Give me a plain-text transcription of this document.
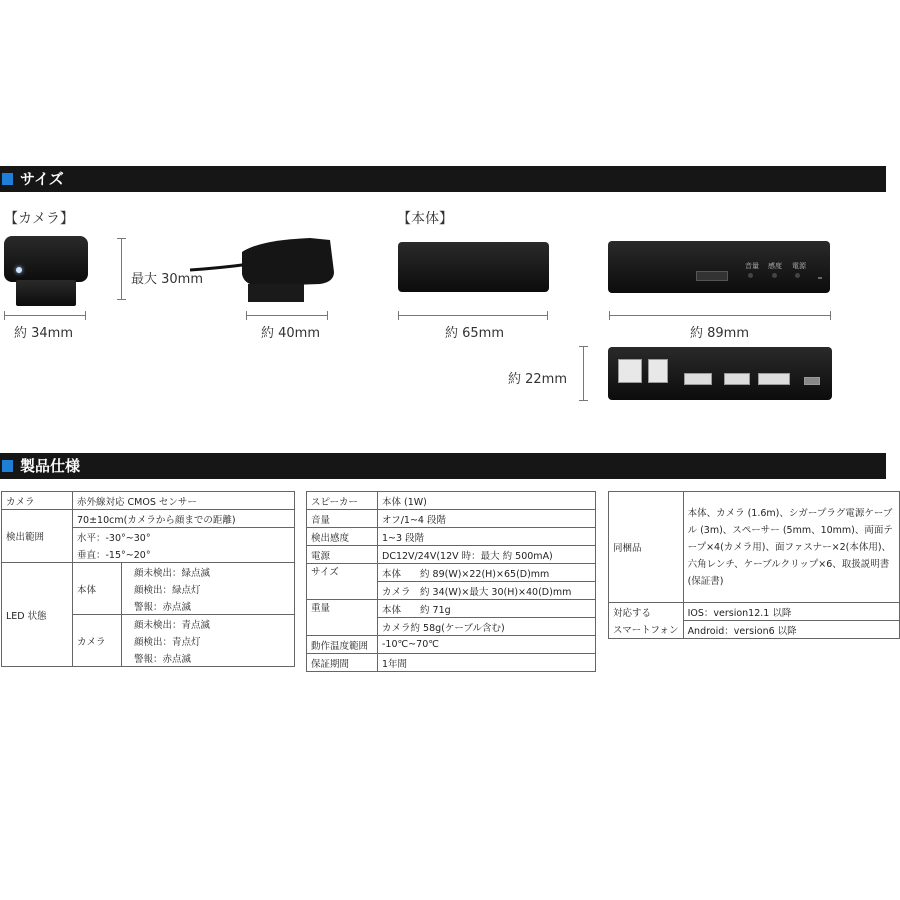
サイズ
【カメラ】
約 34mm
最大 30mm
約 40mm
【本体】
約 65mm
音量 感度 電源
約 89mm
約 22mm
製品仕様
カメラ	赤外線対応 CMOS センサー	
検出範囲	70±10cm(カメラから顔までの距離)	
	水平：-30°~30°	
	垂直：-15°~20°	
LED 状態	本体	顔未検出：緑点滅
		顔検出：緑点灯
		警報：赤点滅
	カメラ	顔未検出：青点滅
		顔検出：青点灯
		警報：赤点滅
スピーカー	本体 (1W)
音量	オフ/1~4 段階
検出感度	1~3 段階
電源	DC12V/24V(12V 時：最大 約 500mA)
サイズ	本体　　約 89(W)×22(H)×65(D)mm
	カメラ　約 34(W)×最大 30(H)×40(D)mm
重量	本体　　約 71g
	カメラ約 58g(ケーブル含む)
動作温度範囲	-10℃~70℃
保証期間	1年間
同梱品	本体、カメラ (1.6m)、シガープラグ電源ケーブル (3m)、スペーサー (5mm、10mm)、両面テープ×4(カメラ用)、面ファスナー×2(本体用)、六角レンチ、ケーブルクリップ×6、取扱説明書 (保証書)
対応する	IOS：version12.1 以降
スマートフォン	Android：version6 以降
